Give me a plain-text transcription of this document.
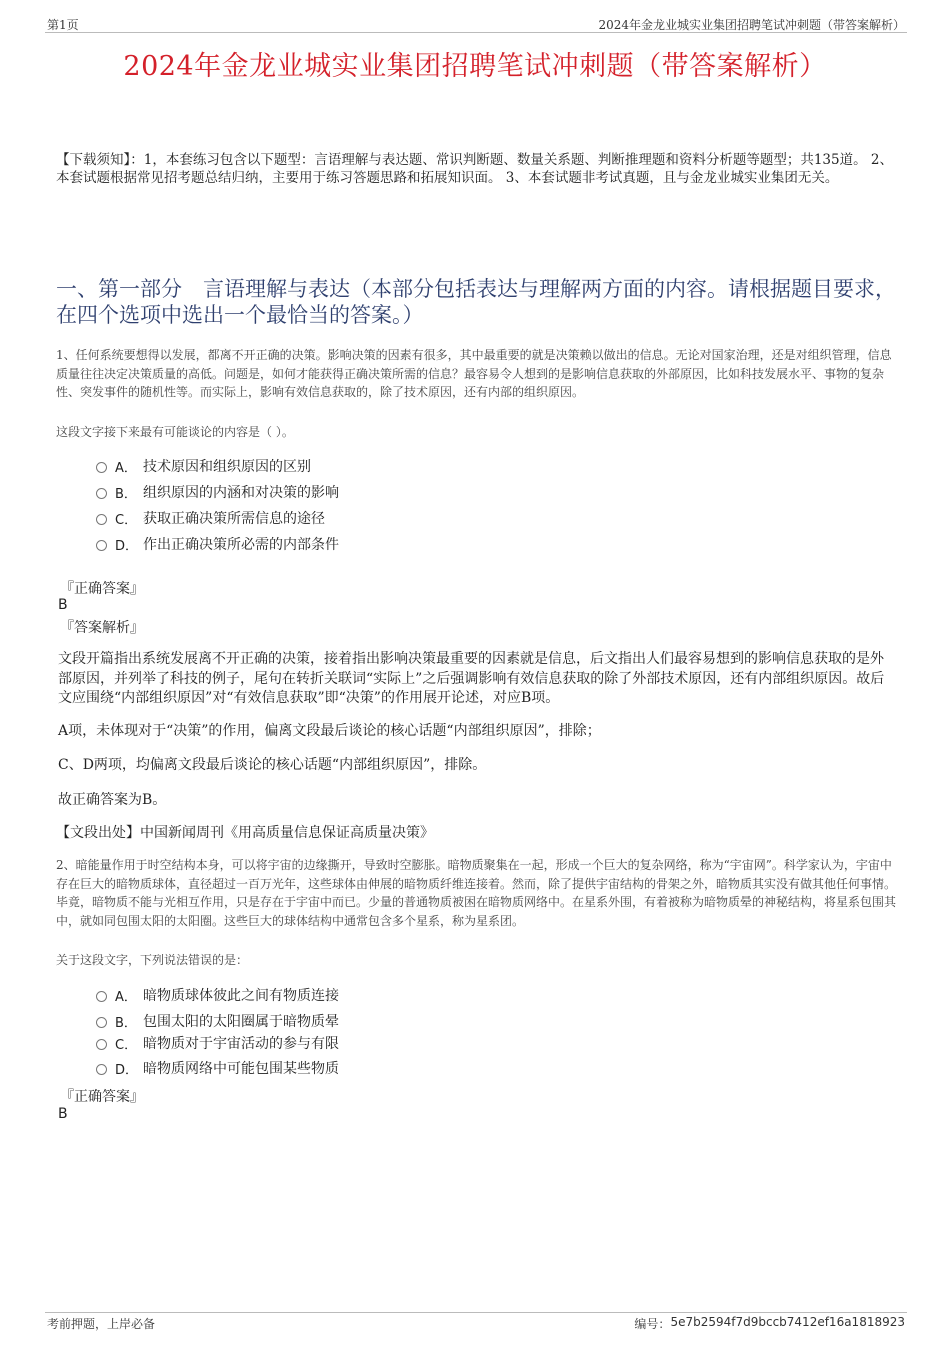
第1页	2024年金龙业城实业集团招聘笔试冲刺题（带答案解析）
2024年金龙业城实业集团招聘笔试冲刺题（带答案解析）
【下载须知】：1，本套练习包含以下题型：言语理解与表达题、常识判断题、数量关系题、判断推理题和资料分析题等题型；共135道。 2、本套试题根据常见招考题总结归纳，主要用于练习答题思路和拓展知识面。 3、本套试题非考试真题，且与金龙业城实业集团无关。
一、第一部分　言语理解与表达（本部分包括表达与理解两方面的内容。请根据题目要求，在四个选项中选出一个最恰当的答案。）
1、任何系统要想得以发展，都离不开正确的决策。影响决策的因素有很多，其中最重要的就是决策赖以做出的信息。无论对国家治理，还是对组织管理，信息质量往往决定决策质量的高低。问题是，如何才能获得正确决策所需的信息？最容易令人想到的是影响信息获取的外部原因，比如科技发展水平、事物的复杂性、突发事件的随机性等。而实际上，影响有效信息获取的，除了技术原因，还有内部的组织原因。
这段文字接下来最有可能谈论的内容是（ ）。
A． 技术原因和组织原因的区别
B． 组织原因的内涵和对决策的影响
C． 获取正确决策所需信息的途径
D． 作出正确决策所必需的内部条件
『正确答案』
B
『答案解析』
文段开篇指出系统发展离不开正确的决策，接着指出影响决策最重要的因素就是信息，后文指出人们最容易想到的影响信息获取的是外部原因，并列举了科技的例子，尾句在转折关联词“实际上”之后强调影响有效信息获取的除了外部技术原因，还有内部组织原因。故后文应围绕“内部组织原因”对“有效信息获取”即“决策”的作用展开论述，对应B项。
A项，未体现对于“决策”的作用，偏离文段最后谈论的核心话题“内部组织原因”，排除；
C、D两项，均偏离文段最后谈论的核心话题“内部组织原因”，排除。
故正确答案为B。
【文段出处】中国新闻周刊《用高质量信息保证高质量决策》
2、暗能量作用于时空结构本身，可以将宇宙的边缘撕开，导致时空膨胀。暗物质聚集在一起，形成一个巨大的复杂网络，称为“宇宙网”。科学家认为，宇宙中存在巨大的暗物质球体，直径超过一百万光年，这些球体由伸展的暗物质纤维连接着。然而，除了提供宇宙结构的骨架之外，暗物质其实没有做其他任何事情。毕竟，暗物质不能与光相互作用，只是存在于宇宙中而已。少量的普通物质被困在暗物质网络中。在星系外围，有着被称为暗物质晕的神秘结构，将星系包围其中，就如同包围太阳的太阳圈。这些巨大的球体结构中通常包含多个星系，称为星系团。
关于这段文字，下列说法错误的是：
A． 暗物质球体彼此之间有物质连接
B． 包围太阳的太阳圈属于暗物质晕
C． 暗物质对于宇宙活动的参与有限
D． 暗物质网络中可能包围某些物质
『正确答案』
B
考前押题，上岸必备	编号： 5e7b2594f7d9bccb7412ef16a1818923
